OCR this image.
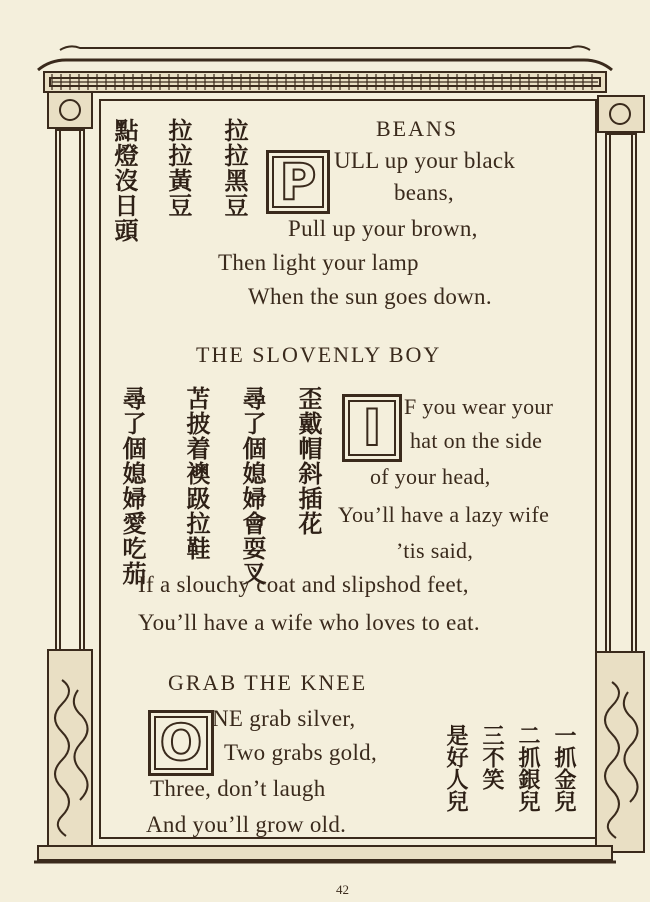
BEANS
拉拉黑豆
拉拉黃豆
點燈沒日頭	P ULL up your black
beans,
Pull up your brown,
Then light your lamp
When the sun goes down.
THE SLOVENLY BOY
歪戴帽斜插花
尋了個媳婦會耍叉
苫披着襖趿拉鞋
尋了個媳婦愛吃茄	I	F you wear your
hat on the side
of your head,
You’ll have a lazy wife
’tis said,
If a slouchy coat and slipshod feet,
You’ll have a wife who loves to eat.
GRAB THE KNEE
O NE grab silver,
Two grabs gold,
Three, don’t laugh
And you’ll grow old.
一抓金兒
二抓銀兒
三不笑
是好人兒
42
